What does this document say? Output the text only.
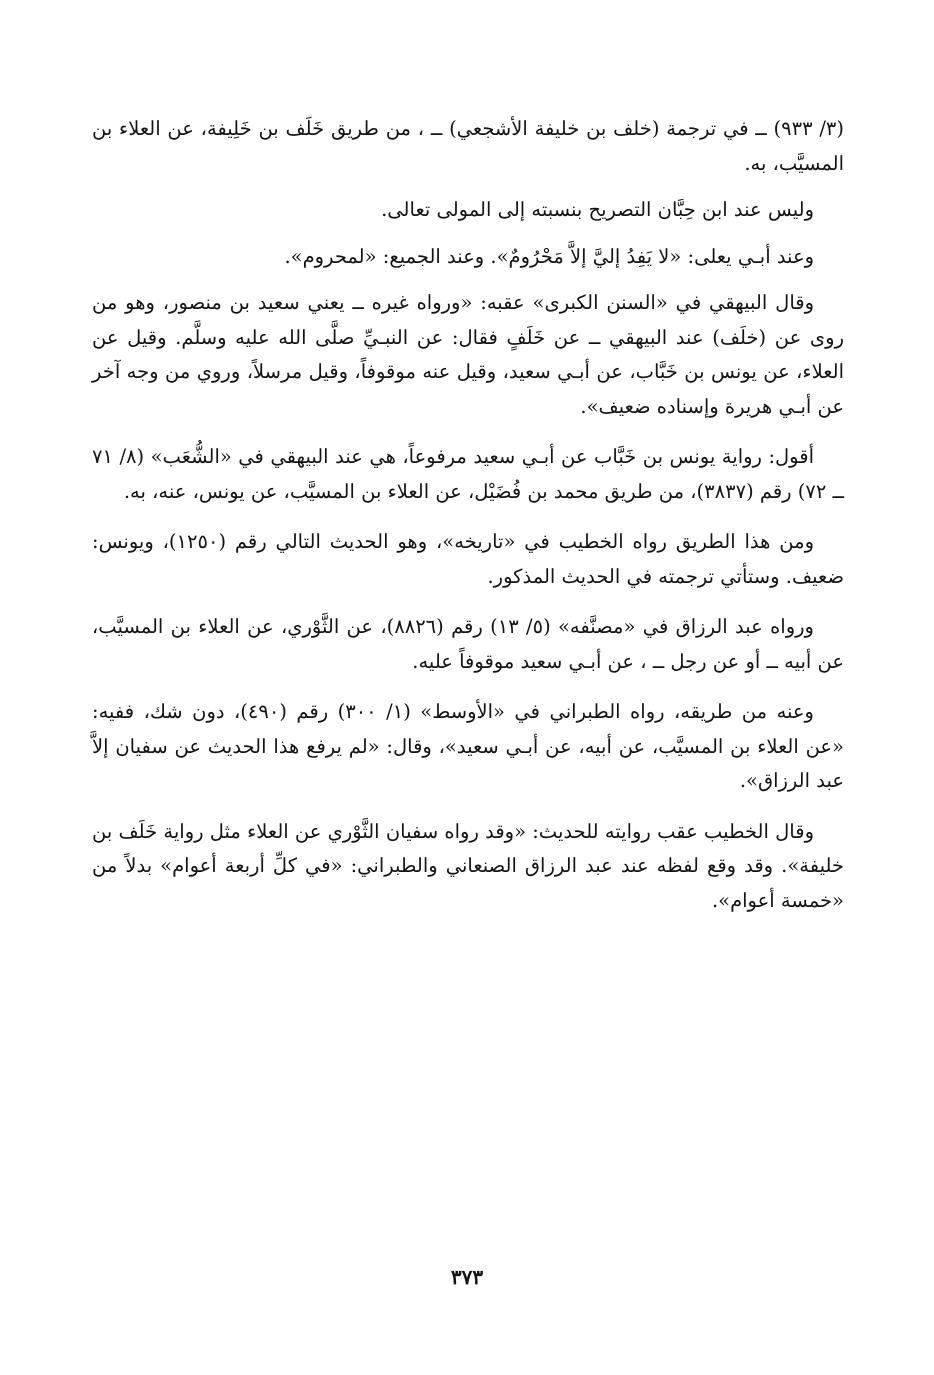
(٣/ ٩٣٣) ــ في ترجمة (خلف بن خليفة الأشجعي) ــ ، من طريق خَلَف بن خَلِيفة، عن العلاء بن المسيَّب، به.

وليس عند ابن حِبَّان التصريح بنسبته إلى المولى تعالى.

وعند أبـي يعلى: «لا يَفِدُ إليَّ إلاَّ مَحْرُومٌ». وعند الجميع: «لمحروم».

وقال البيهقي في «السنن الكبرى» عقبه: «ورواه غيره ــ يعني سعيد بن منصور، وهو من روى عن (خلَف) عند البيهقي ــ عن خَلَفٍ فقال: عن النبـيِّ صلَّى الله عليه وسلَّم. وقيل عن العلاء، عن يونس بن خَبَّاب، عن أبـي سعيد، وقيل عنه موقوفاً، وقيل مرسلاً، وروي من وجه آخر عن أبـي هريرة وإسناده ضعيف».

أقول: رواية يونس بن خَبَّاب عن أبـي سعيد مرفوعاً، هي عند البيهقي في «الشُّعَب» (٨/ ٧١ ــ ٧٢) رقم (٣٨٣٧)، من طريق محمد بن فُضَيْل، عن العلاء بن المسيَّب، عن يونس، عنه، به.

ومن هذا الطريق رواه الخطيب في «تاريخه»، وهو الحديث التالي رقم (١٢٥٠)، ويونس: ضعيف. وستأتي ترجمته في الحديث المذكور.

ورواه عبد الرزاق في «مصنَّفه» (٥/ ١٣) رقم (٨٨٢٦)، عن الثَّوْري، عن العلاء بن المسيَّب، عن أبيه ــ أو عن رجل ــ ، عن أبـي سعيد موقوفاً عليه.

وعنه من طريقه، رواه الطبراني في «الأوسط» (١/ ٣٠٠) رقم (٤٩٠)، دون شك، ففيه: «عن العلاء بن المسيَّب، عن أبيه، عن أبـي سعيد»، وقال: «لم يرفع هذا الحديث عن سفيان إلاَّ عبد الرزاق».

وقال الخطيب عقب روايته للحديث: «وقد رواه سفيان الثَّوْري عن العلاء مثل رواية خَلَف بن خليفة». وقد وقع لفظه عند عبد الرزاق الصنعاني والطبراني: «في كلِّ أربعة أعوام» بدلاً من «خمسة أعوام».

٣٧٣
